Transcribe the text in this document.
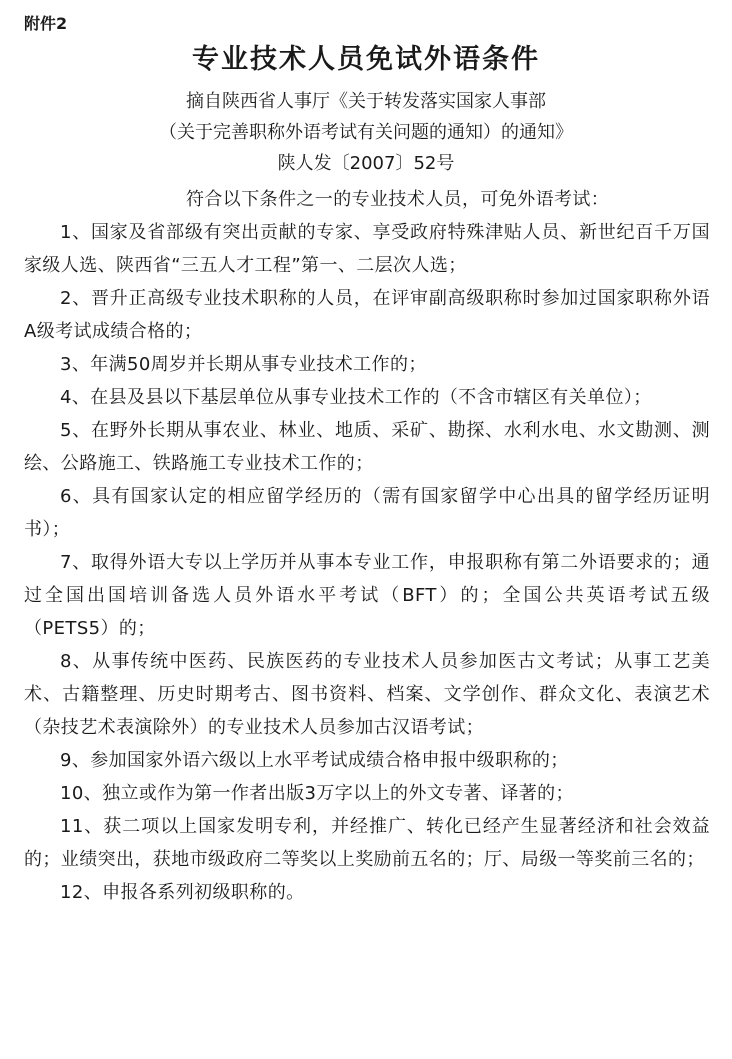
附件2
专业技术人员免试外语条件
摘自陕西省人事厅《关于转发落实国家人事部
（关于完善职称外语考试有关问题的通知）的通知》
陕人发〔2007〕52号

符合以下条件之一的专业技术人员，可免外语考试：

1、国家及省部级有突出贡献的专家、享受政府特殊津贴人员、新世纪百千万国家级人选、陕西省“三五人才工程”第一、二层次人选；

2、晋升正高级专业技术职称的人员，在评审副高级职称时参加过国家职称外语A级考试成绩合格的；

3、年满50周岁并长期从事专业技术工作的；

4、在县及县以下基层单位从事专业技术工作的（不含市辖区有关单位）；

5、在野外长期从事农业、林业、地质、采矿、勘探、水利水电、水文勘测、测绘、公路施工、铁路施工专业技术工作的；

6、具有国家认定的相应留学经历的（需有国家留学中心出具的留学经历证明书）；

7、取得外语大专以上学历并从事本专业工作，申报职称有第二外语要求的；通过全国出国培训备选人员外语水平考试（BFT）的；全国公共英语考试五级（PETS5）的；

8、从事传统中医药、民族医药的专业技术人员参加医古文考试；从事工艺美术、古籍整理、历史时期考古、图书资料、档案、文学创作、群众文化、表演艺术（杂技艺术表演除外）的专业技术人员参加古汉语考试；

9、参加国家外语六级以上水平考试成绩合格申报中级职称的；

10、独立或作为第一作者出版3万字以上的外文专著、译著的；

11、获二项以上国家发明专利，并经推广、转化已经产生显著经济和社会效益的；业绩突出，获地市级政府二等奖以上奖励前五名的；厅、局级一等奖前三名的；

12、申报各系列初级职称的。
